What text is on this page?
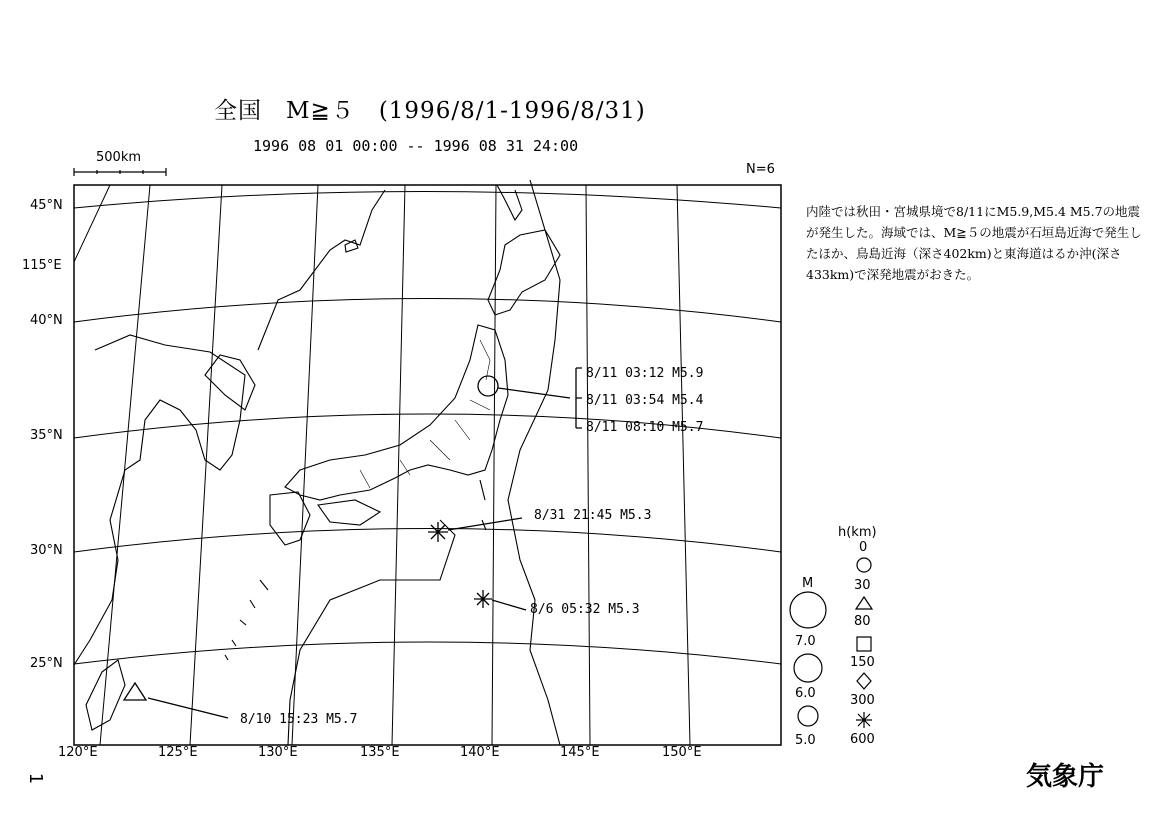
全国　M≧５　(1996/8/1-1996/8/31)
1996 08 01 00:00 -- 1996 08 31 24:00
500km
N=6
45°N
115°E
40°N
35°N
30°N
25°N
120°E	125°E	130°E	135°E	140°E	145°E	150°E
8/11 03:12 M5.9
8/11 03:54 M5.4
8/11 08:10 M5.7
8/31 21:45 M5.3
8/6 05:32 M5.3
8/10 15:23 M5.7
内陸では秋田・宮城県境で8/11にM5.9,M5.4 M5.7の地震が発生した。海域では、M≧５の地震が石垣島近海で発生したほか、鳥島近海（深さ402km)と東海道はるか沖(深さ433km)で深発地震がおきた。
M
7.0
6.0
5.0
h(km)
0
30
80
150
300
600
気象庁
1
